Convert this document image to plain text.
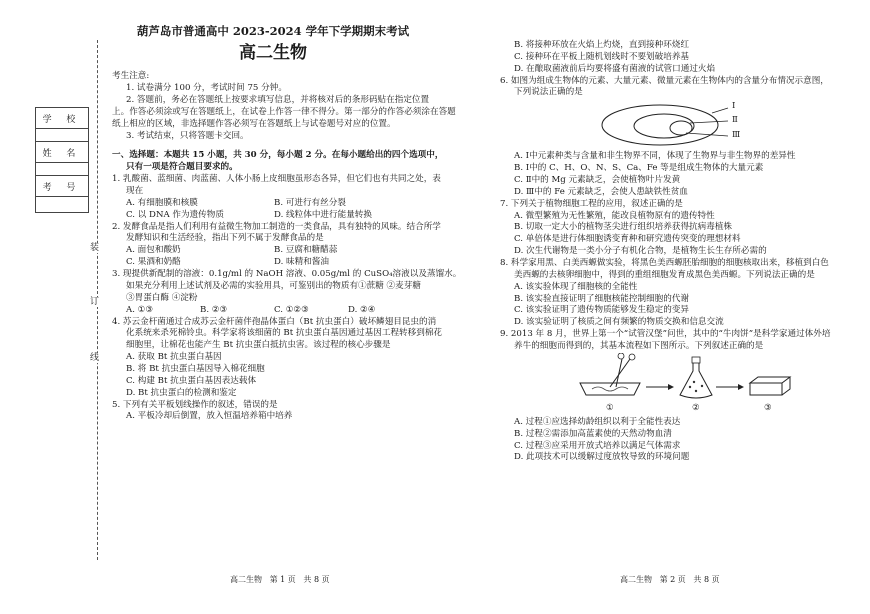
装
订
线
学 校
姓 名
考 号

葫芦岛市普通高中 2023-2024 学年下学期期末考试

高二生物

考生注意:

1. 试卷满分 100 分，考试时间 75 分钟。

2. 答题前，务必在答题纸上按要求填写信息，并将核对后的条形码贴在指定位置

上。作答必须涂或写在答题纸上，在试卷上作答一律不得分。第一部分的作答必须涂在答题

纸上相应的区域，非选择题作答必须写在答题纸上与试卷题号对应的位置。

3. 考试结束，只将答题卡交回。

一、选择题：本题共 15 小题，共 30 分，每小题 2 分。在每小题给出的四个选项中，

只有一项是符合题目要求的。

1. 乳酸菌、蓝细菌、肉蓝菌、人体小肠上皮细胞虽形态各异，但它们也有共同之处，表

现在

A. 有细胞膜和核膜	B. 可进行有丝分裂
C. 以 DNA 作为遗传物质	D. 线粒体中进行能量转换

2. 发酵食品是指人们利用有益微生物加工制造的一类食品，具有独特的风味。结合所学

发酵知识和生活经验，指出下列不属于发酵食品的是

A. 面包和酸奶	B. 豆腐和糖醋蒜
C. 果酒和奶酪	D. 味精和酱油

3. 现提供新配制的溶液：0.1g/ml 的 NaOH 溶液、0.05g/ml 的 CuSO₄溶液以及蒸馏水。

如果充分利用上述试剂及必需的实验用具，可鉴别出的物质有①蔗糖 ②麦芽糖

③胃蛋白酶 ④淀粉

A. ①③	B. ②③	C. ①②③	D. ②④

4. 苏云金杆菌通过合成苏云金杆菌伴孢晶体蛋白（Bt 抗虫蛋白）破坏鳞翅目昆虫的消

化系统来杀死棉铃虫。科学家将该细菌的 Bt 抗虫蛋白基因通过基因工程转移到棉花

细胞里，让棉花也能产生 Bt 抗虫蛋白抵抗虫害。该过程的核心步骤是

A. 获取 Bt 抗虫蛋白基因

B. 将 Bt 抗虫蛋白基因导入棉花细胞

C. 构建 Bt 抗虫蛋白基因表达载体

D. Bt 抗虫蛋白的检测和鉴定

5. 下列有关平板划线操作的叙述，错误的是

A. 平板冷却后倒置，放入恒温培养箱中培养

B. 将接种环放在火焰上灼烧，直到接种环烧红

C. 接种环在平板上随机划线时不要划破培养基

D. 在酿取菌液前后均要将盛有菌液的试管口通过火焰

6. 如图为组成生物体的元素、大量元素、微量元素在生物体内的含量分布情况示意图，

下列说法正确的是

Ⅰ
Ⅱ
Ⅲ

A. Ⅰ中元素种类与含量和非生物界不同，体现了生物界与非生物界的差异性

B. Ⅰ中的 C、H、O、N、S、Ca、Fe 等是组成生物体的大量元素

C. Ⅱ中的 Mg 元素缺乏，会使植物叶片发黄

D. Ⅲ中的 Fe 元素缺乏，会使人患缺铁性贫血

7. 下列关于植物细胞工程的应用，叙述正确的是

A. 微型繁殖为无性繁殖，能改良植物原有的遗传特性

B. 切取一定大小的植物茎尖进行组织培养获得抗病毒植株

C. 单倍体是进行体细胞诱变育种和研究遗传突变的理想材料

D. 次生代谢物是一类小分子有机化合物，是植物生长生存所必需的

8. 科学家用黑、白美西螈做实验，将黑色美西螈胚胎细胞的细胞核取出来，移植到白色

美西螈的去核卵细胞中，得到的重组细胞发育成黑色美西螈。下列说法正确的是

A. 该实验体现了细胞核的全能性

B. 该实验直接证明了细胞核能控制细胞的代谢

C. 该实验证明了遗传物质能够发生稳定的变异

D. 该实验证明了核质之间有频繁的物质交换和信息交流

9. 2013 年 8 月，世界上第一个“试管汉堡”问世，其中的“牛肉饼”是科学家通过体外培

养牛的细胞而得到的，其基本流程如下图所示。下列叙述正确的是

①	②	③

A. 过程①应选择幼龄组织以利于全能性表达

B. 过程②需添加高蓝素使的天然动物血清

C. 过程③应采用开放式培养以满足气体需求

D. 此项技术可以缓解过度放牧导致的环境问题

高二生物   第 1 页   共 8 页	高二生物   第 2 页   共 8 页
